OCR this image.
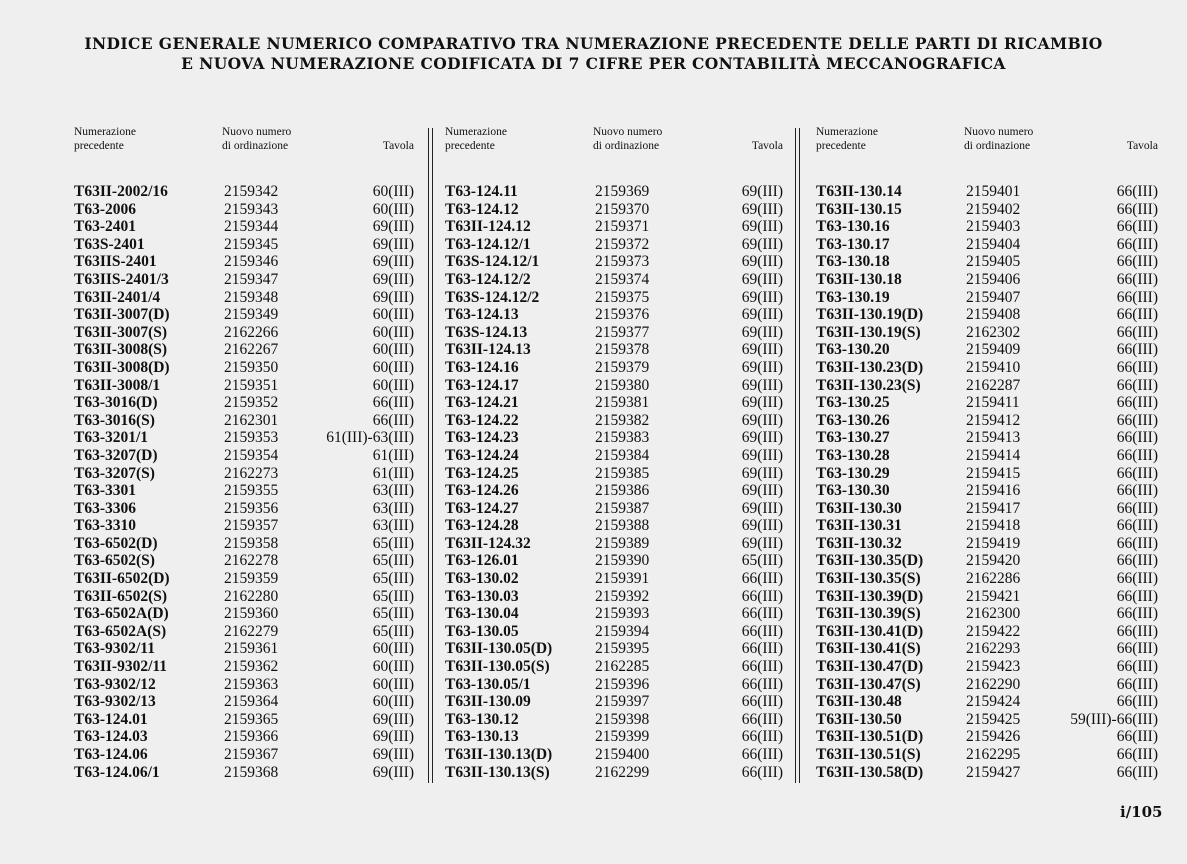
INDICE GENERALE NUMERICO COMPARATIVO TRA NUMERAZIONE PRECEDENTE DELLE PARTI DI RICAMBIO
E NUOVA NUMERAZIONE CODIFICATA DI 7 CIFRE PER CONTABILITÀ MECCANOGRAFICA
Numerazione
precedente
Nuovo numero
di ordinazione	Tavola
T63II-2002/16	2159342	60(III)
T63-2006	2159343	60(III)
T63-2401	2159344	69(III)
T63S-2401	2159345	69(III)
T63IIS-2401	2159346	69(III)
T63IIS-2401/3	2159347	69(III)
T63II-2401/4	2159348	69(III)
T63II-3007(D)	2159349	60(III)
T63II-3007(S)	2162266	60(III)
T63II-3008(S)	2162267	60(III)
T63II-3008(D)	2159350	60(III)
T63II-3008/1	2159351	60(III)
T63-3016(D)	2159352	66(III)
T63-3016(S)	2162301	66(III)
T63-3201/1	2159353	61(III)-63(III)
T63-3207(D)	2159354	61(III)
T63-3207(S)	2162273	61(III)
T63-3301	2159355	63(III)
T63-3306	2159356	63(III)
T63-3310	2159357	63(III)
T63-6502(D)	2159358	65(III)
T63-6502(S)	2162278	65(III)
T63II-6502(D)	2159359	65(III)
T63II-6502(S)	2162280	65(III)
T63-6502A(D)	2159360	65(III)
T63-6502A(S)	2162279	65(III)
T63-9302/11	2159361	60(III)
T63II-9302/11	2159362	60(III)
T63-9302/12	2159363	60(III)
T63-9302/13	2159364	60(III)
T63-124.01	2159365	69(III)
T63-124.03	2159366	69(III)
T63-124.06	2159367	69(III)
T63-124.06/1	2159368	69(III)
Numerazione
precedente
Nuovo numero
di ordinazione	Tavola
T63-124.11	2159369	69(III)
T63-124.12	2159370	69(III)
T63II-124.12	2159371	69(III)
T63-124.12/1	2159372	69(III)
T63S-124.12/1	2159373	69(III)
T63-124.12/2	2159374	69(III)
T63S-124.12/2	2159375	69(III)
T63-124.13	2159376	69(III)
T63S-124.13	2159377	69(III)
T63II-124.13	2159378	69(III)
T63-124.16	2159379	69(III)
T63-124.17	2159380	69(III)
T63-124.21	2159381	69(III)
T63-124.22	2159382	69(III)
T63-124.23	2159383	69(III)
T63-124.24	2159384	69(III)
T63-124.25	2159385	69(III)
T63-124.26	2159386	69(III)
T63-124.27	2159387	69(III)
T63-124.28	2159388	69(III)
T63II-124.32	2159389	69(III)
T63-126.01	2159390	65(III)
T63-130.02	2159391	66(III)
T63-130.03	2159392	66(III)
T63-130.04	2159393	66(III)
T63-130.05	2159394	66(III)
T63II-130.05(D)	2159395	66(III)
T63II-130.05(S)	2162285	66(III)
T63-130.05/1	2159396	66(III)
T63II-130.09	2159397	66(III)
T63-130.12	2159398	66(III)
T63-130.13	2159399	66(III)
T63II-130.13(D)	2159400	66(III)
T63II-130.13(S)	2162299	66(III)
Numerazione
precedente
Nuovo numero
di ordinazione	Tavola
T63II-130.14	2159401	66(III)
T63II-130.15	2159402	66(III)
T63-130.16	2159403	66(III)
T63-130.17	2159404	66(III)
T63-130.18	2159405	66(III)
T63II-130.18	2159406	66(III)
T63-130.19	2159407	66(III)
T63II-130.19(D)	2159408	66(III)
T63II-130.19(S)	2162302	66(III)
T63-130.20	2159409	66(III)
T63II-130.23(D)	2159410	66(III)
T63II-130.23(S)	2162287	66(III)
T63-130.25	2159411	66(III)
T63-130.26	2159412	66(III)
T63-130.27	2159413	66(III)
T63-130.28	2159414	66(III)
T63-130.29	2159415	66(III)
T63-130.30	2159416	66(III)
T63II-130.30	2159417	66(III)
T63II-130.31	2159418	66(III)
T63II-130.32	2159419	66(III)
T63II-130.35(D)	2159420	66(III)
T63II-130.35(S)	2162286	66(III)
T63II-130.39(D)	2159421	66(III)
T63II-130.39(S)	2162300	66(III)
T63II-130.41(D)	2159422	66(III)
T63II-130.41(S)	2162293	66(III)
T63II-130.47(D)	2159423	66(III)
T63II-130.47(S)	2162290	66(III)
T63II-130.48	2159424	66(III)
T63II-130.50	2159425	59(III)-66(III)
T63II-130.51(D)	2159426	66(III)
T63II-130.51(S)	2162295	66(III)
T63II-130.58(D)	2159427	66(III)
i/105
